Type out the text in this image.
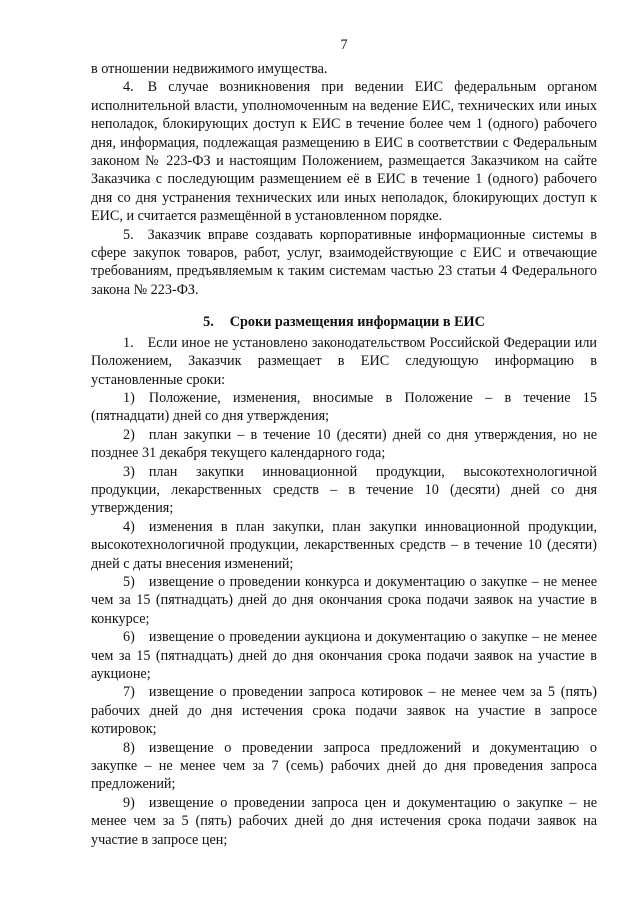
7

в отношении недвижимого имущества.

4. В случае возникновения при ведении ЕИС федеральным органом исполнительной власти, уполномоченным на ведение ЕИС, технических или иных неполадок, блокирующих доступ к ЕИС в течение более чем 1 (одного) рабочего дня, информация, подлежащая размещению в ЕИС в соответствии с Федеральным законом № 223-ФЗ и настоящим Положением, размещается Заказчиком на сайте Заказчика с последующим размещением её в ЕИС в течение 1 (одного) рабочего дня со дня устранения технических или иных неполадок, блокирующих доступ к ЕИС, и считается размещённой в установленном порядке.

5. Заказчик вправе создавать корпоративные информационные системы в сфере закупок товаров, работ, услуг, взаимодействующие с ЕИС и отвечающие требованиям, предъявляемым к таким системам частью 23 статьи 4 Федерального закона № 223-ФЗ.

5. Сроки размещения информации в ЕИС

1. Если иное не установлено законодательством Российской Федерации или Положением, Заказчик размещает в ЕИС следующую информацию в установленные сроки:

1) Положение, изменения, вносимые в Положение – в течение 15 (пятнадцати) дней со дня утверждения;

2) план закупки – в течение 10 (десяти) дней со дня утверждения, но не позднее 31 декабря текущего календарного года;

3) план закупки инновационной продукции, высокотехнологичной продукции, лекарственных средств – в течение 10 (десяти) дней со дня утверждения;

4) изменения в план закупки, план закупки инновационной продукции, высокотехнологичной продукции, лекарственных средств – в течение 10 (десяти) дней с даты внесения изменений;

5) извещение о проведении конкурса и документацию о закупке – не менее чем за 15 (пятнадцать) дней до дня окончания срока подачи заявок на участие в конкурсе;

6) извещение о проведении аукциона и документацию о закупке – не менее чем за 15 (пятнадцать) дней до дня окончания срока подачи заявок на участие в аукционе;

7) извещение о проведении запроса котировок – не менее чем за 5 (пять) рабочих дней до дня истечения срока подачи заявок на участие в запросе котировок;

8) извещение о проведении запроса предложений и документацию о закупке – не менее чем за 7 (семь) рабочих дней до дня проведения запроса предложений;

9) извещение о проведении запроса цен и документацию о закупке – не менее чем за 5 (пять) рабочих дней до дня истечения срока подачи заявок на участие в запросе цен;
